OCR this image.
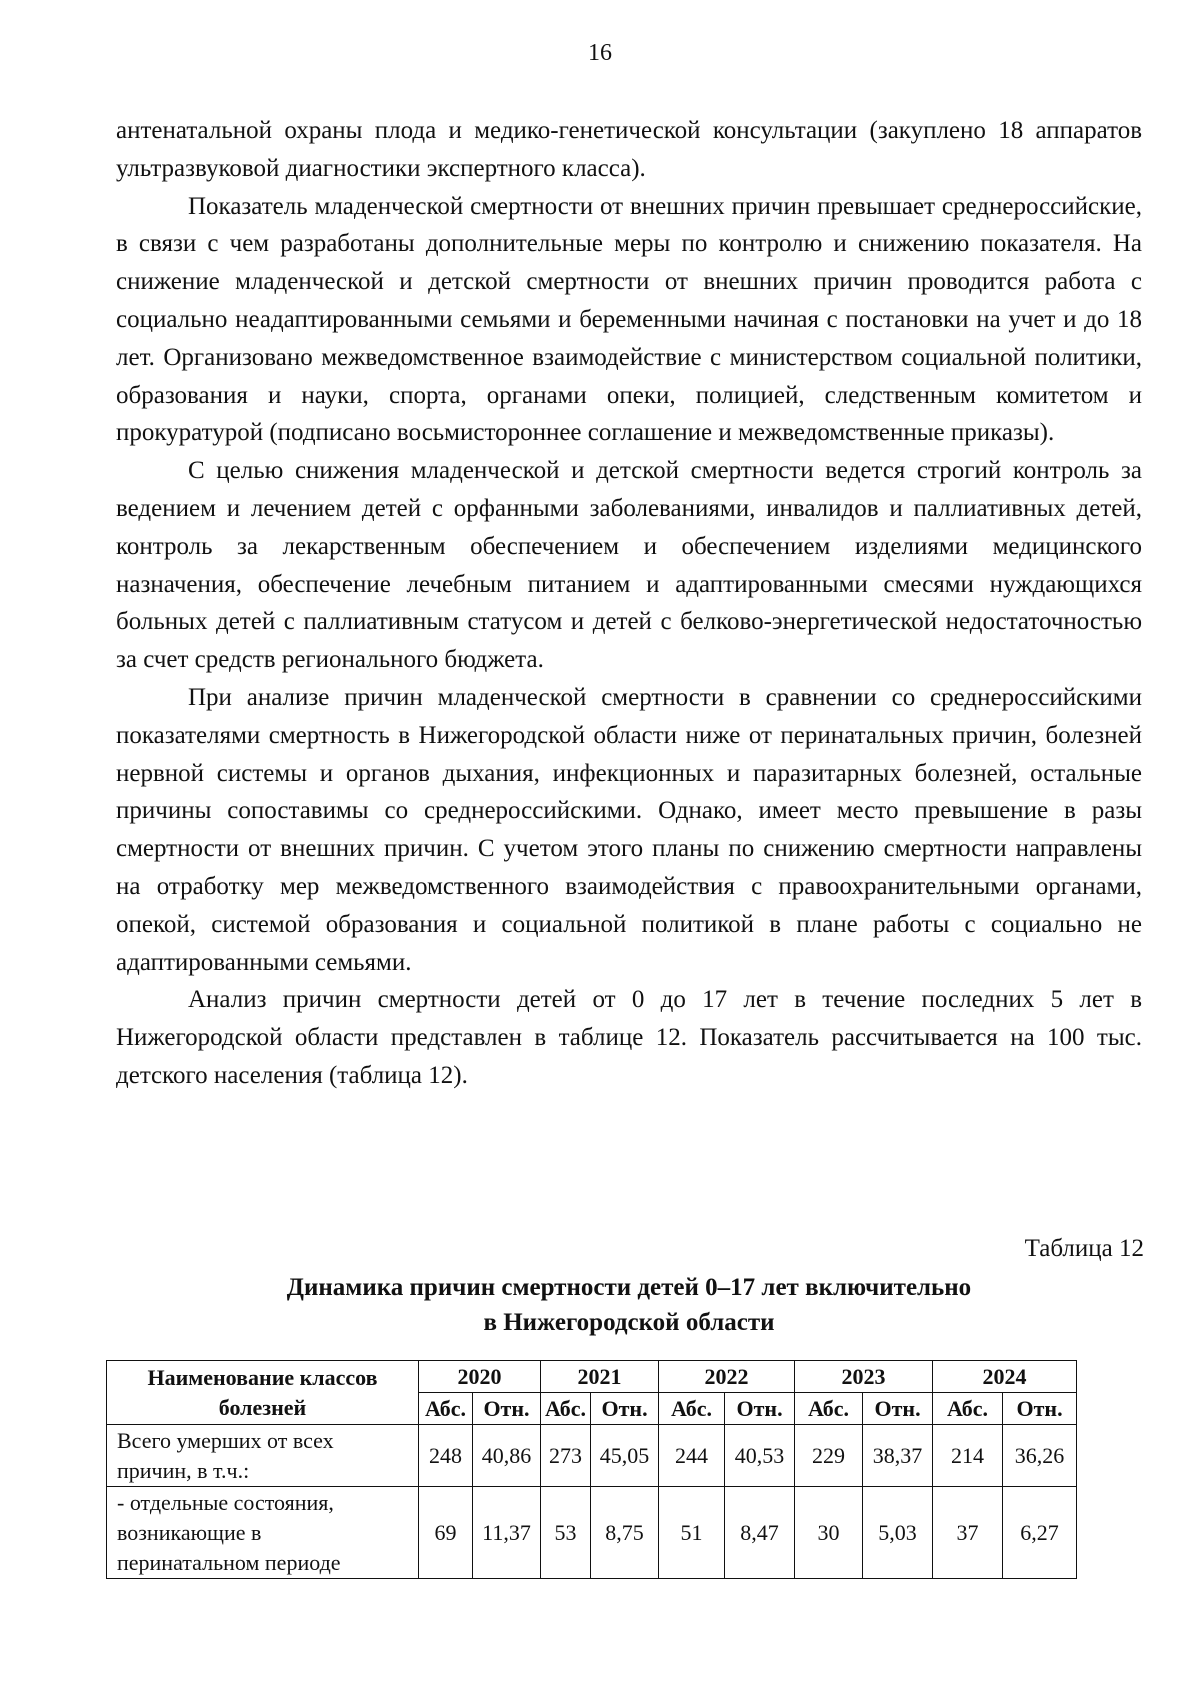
16

антенатальной охраны плода и медико-генетической консультации (закуплено 18 аппаратов ультразвуковой диагностики экспертного класса).

Показатель младенческой смертности от внешних причин превышает среднероссийские, в связи с чем разработаны дополнительные меры по контролю и снижению показателя. На снижение младенческой и детской смертности от внешних причин проводится работа с социально неадаптированными семьями и беременными начиная с постановки на учет и до 18 лет. Организовано межведомственное взаимодействие с министерством социальной политики, образования и науки, спорта, органами опеки, полицией, следственным комитетом и прокуратурой (подписано восьмистороннее соглашение и межведомственные приказы).

С целью снижения младенческой и детской смертности ведется строгий контроль за ведением и лечением детей с орфанными заболеваниями, инвалидов и паллиативных детей, контроль за лекарственным обеспечением и обеспечением изделиями медицинского назначения, обеспечение лечебным питанием и адаптированными смесями нуждающихся больных детей с паллиативным статусом и детей с белково-энергетической недостаточностью за счет средств регионального бюджета.

При анализе причин младенческой смертности в сравнении со среднероссийскими показателями смертность в Нижегородской области ниже от перинатальных причин, болезней нервной системы и органов дыхания, инфекционных и паразитарных болезней, остальные причины сопоставимы со среднероссийскими. Однако, имеет место превышение в разы смертности от внешних причин. С учетом этого планы по снижению смертности направлены на отработку мер межведомственного взаимодействия с правоохранительными органами, опекой, системой образования и социальной политикой в плане работы с социально не адаптированными семьями.

Анализ причин смертности детей от 0 до 17 лет в течение последних 5 лет в Нижегородской области представлен в таблице 12. Показатель рассчитывается на 100 тыс. детского населения (таблица 12).

Таблица 12
Динамика причин смертности детей 0–17 лет включительно
в Нижегородской области
Наименование классов
болезней	2020		2021		2022		2023		2024	
	Абс.	Отн.	Абс.	Отн.	Абс.	Отн.	Абс.	Отн.	Абс.	Отн.

Всего умерших от всех
причин, в т.ч.:	248	40,86	273	45,05	244	40,53	229	38,37	214	36,26

- отдельные состояния,
возникающие в
перинатальном периоде	69	11,37	53	8,75	51	8,47	30	5,03	37	6,27
